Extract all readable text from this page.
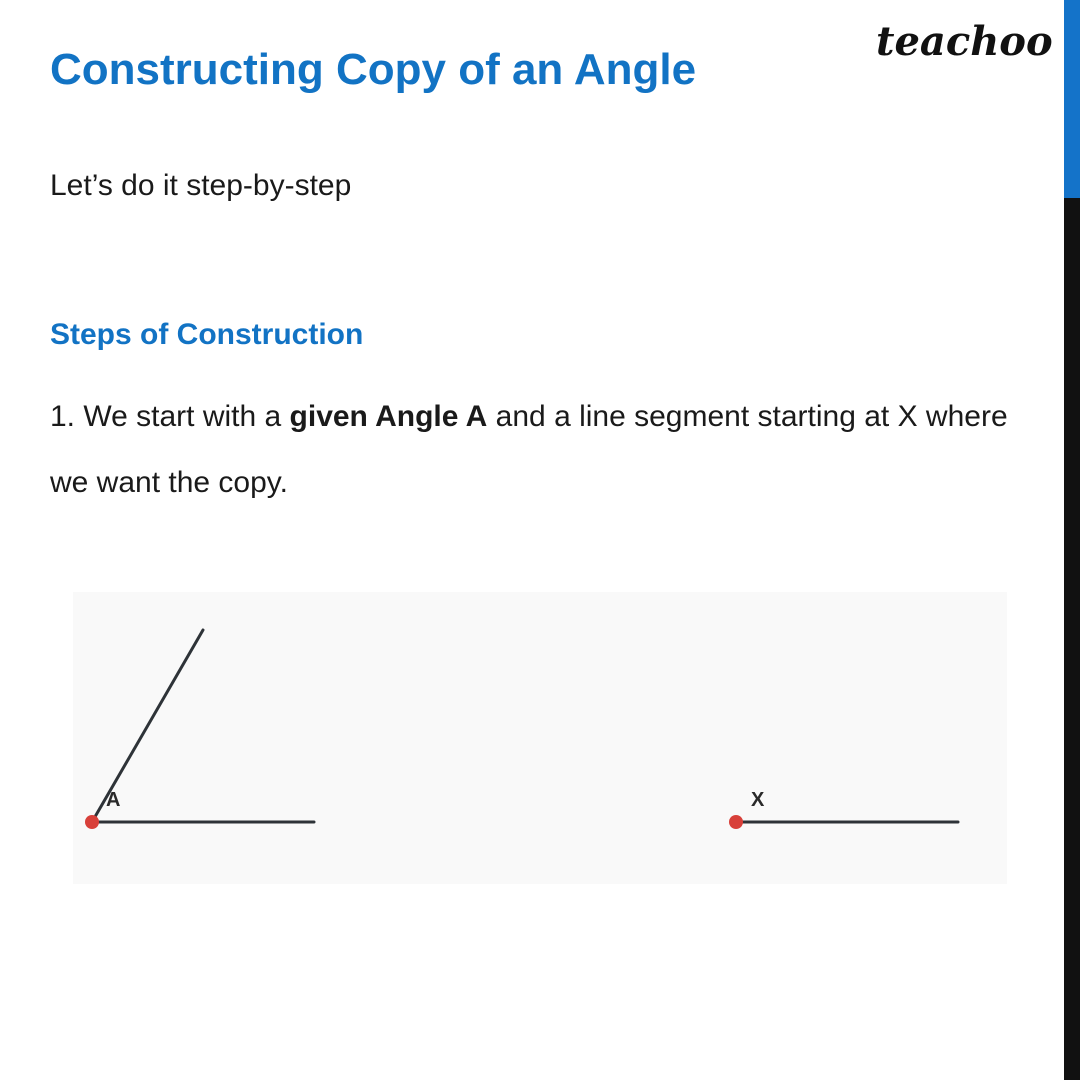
Constructing Copy of an Angle
teachoo

Let’s do it step-by-step

Steps of Construction

1. We start with a given Angle A and a line segment starting at X where we want the copy.

A	X
